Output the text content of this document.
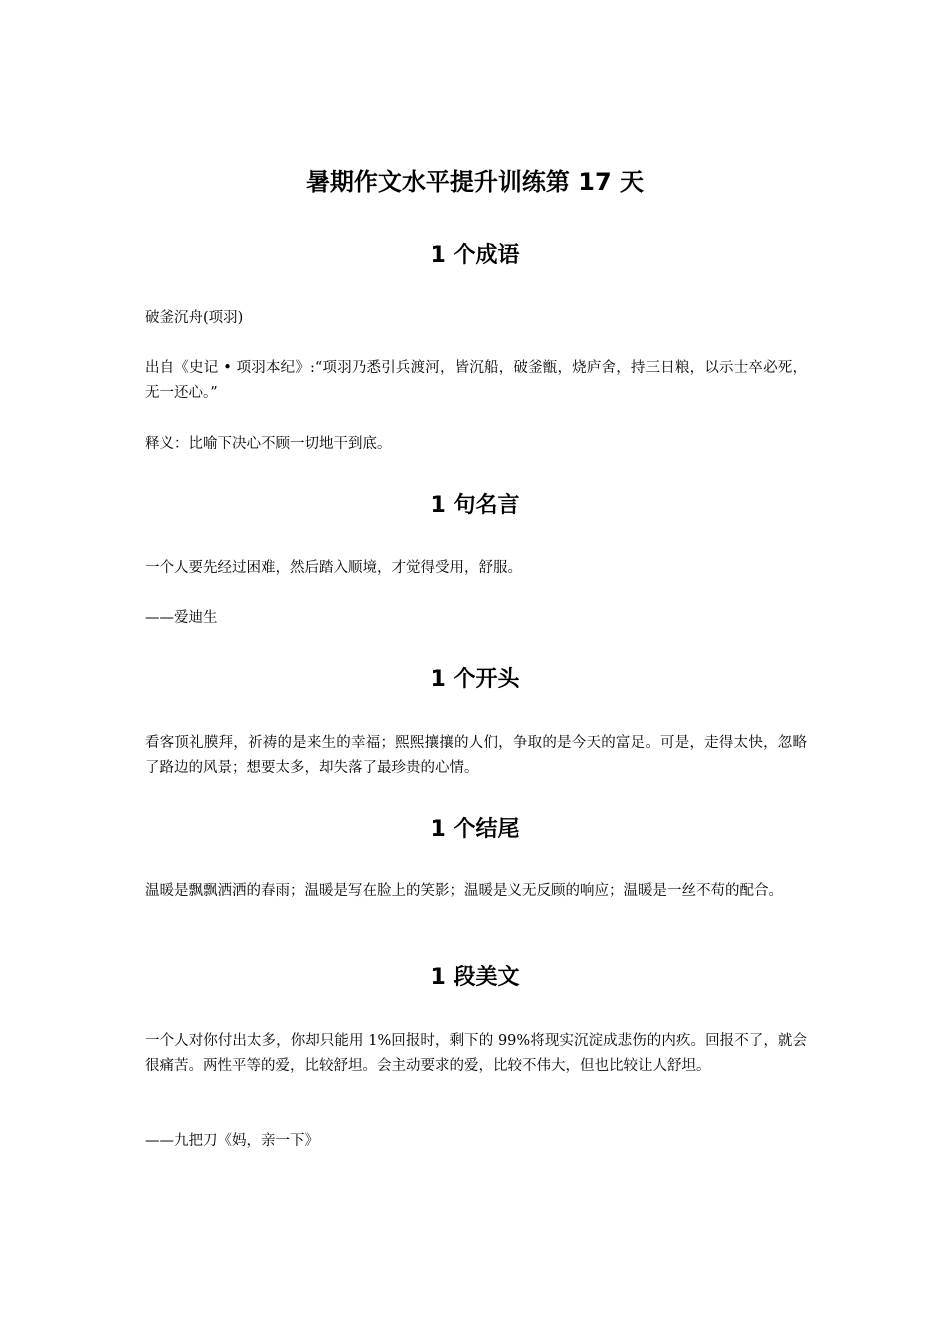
暑期作文水平提升训练第 17 天
1 个成语

破釜沉舟(项羽)

出自《史记 • 项羽本纪》:“项羽乃悉引兵渡河，皆沉船，破釜甑，烧庐舍，持三日粮，以示士卒必死，无一还心。”

释义：比喻下决心不顾一切地干到底。

1 句名言

一个人要先经过困难，然后踏入顺境，才觉得受用，舒服。

——爱迪生

1 个开头

看客顶礼膜拜，祈祷的是来生的幸福；熙熙攘攘的人们，争取的是今天的富足。可是，走得太快，忽略了路边的风景；想要太多，却失落了最珍贵的心情。

1 个结尾

温暖是飘飘洒洒的春雨；温暖是写在脸上的笑影；温暖是义无反顾的响应；温暖是一丝不苟的配合。

1 段美文

一个人对你付出太多，你却只能用 1%回报时，剩下的 99%将现实沉淀成悲伤的内疚。回报不了，就会很痛苦。两性平等的爱，比较舒坦。会主动要求的爱，比较不伟大，但也比较让人舒坦。

——九把刀《妈，亲一下》
